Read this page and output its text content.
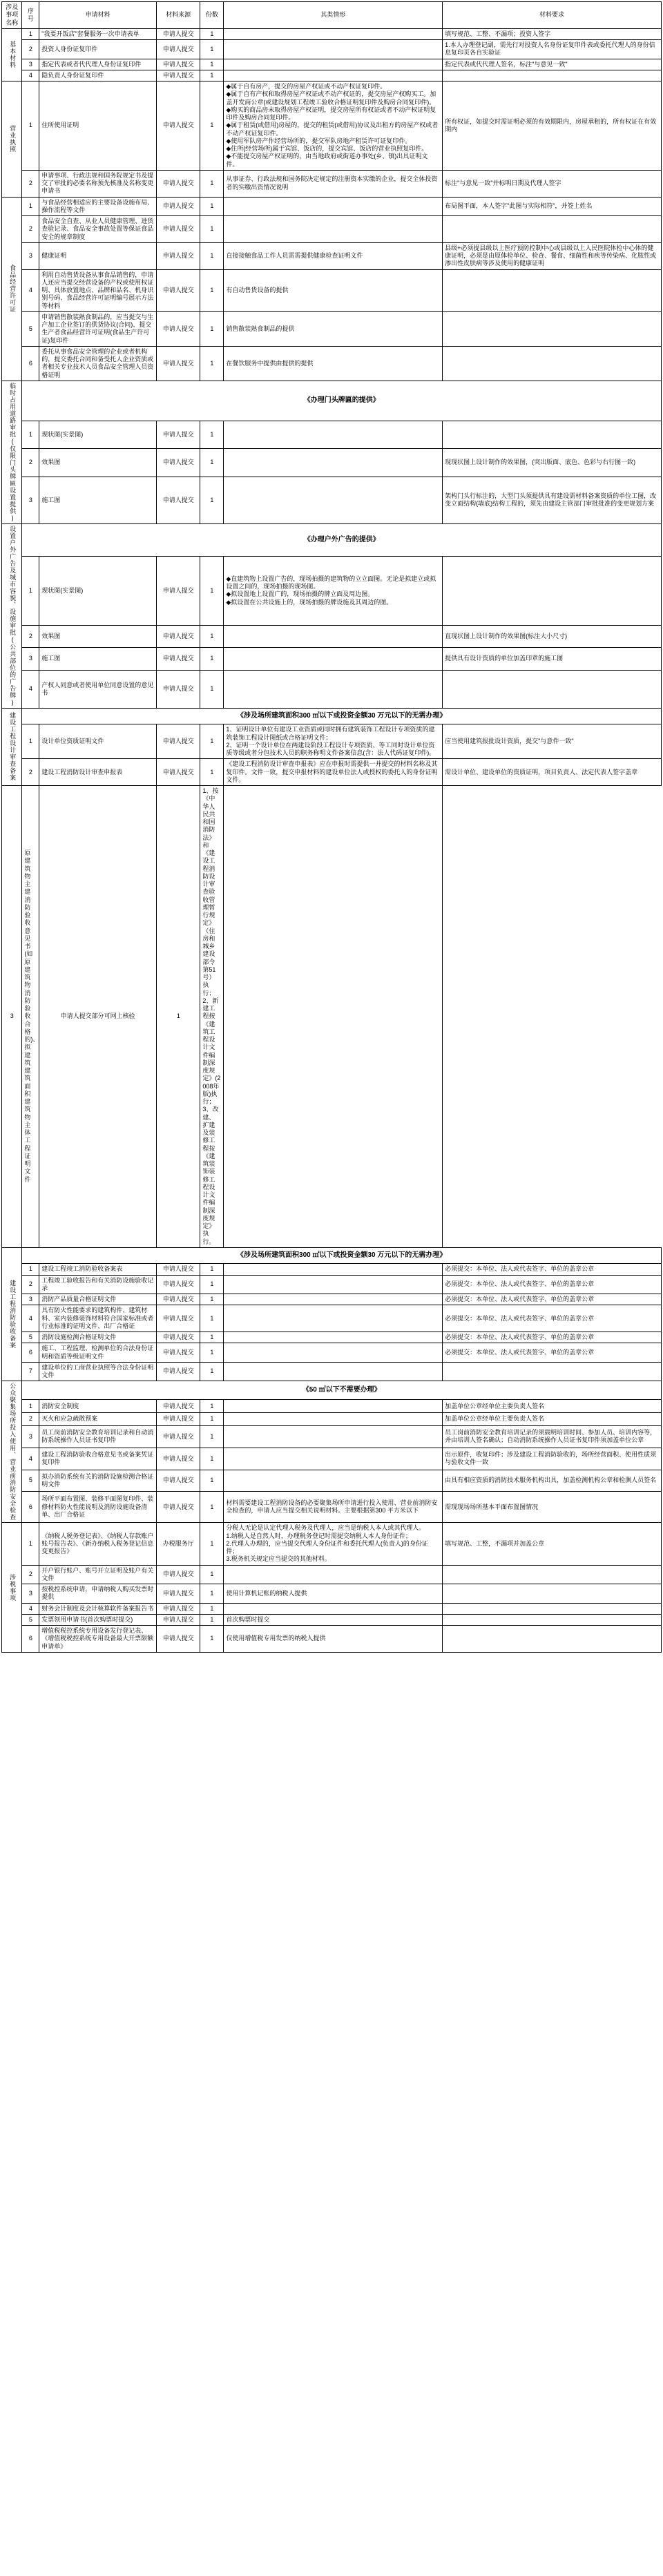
涉及事项名称	序号	申请材料	材料来源	份数	其类情形	材料要求

基本材料	1	"我要开饭店"套餐服务一次申请表单	申请人提交	1		填写规范、工整、不漏项；投资人签字
	2	投资人身份证复印件	申请人提交	1		1.本人办理登记副，需先行对投资人名身份证复印件表或委托代理人的身份信息复印页各自实验证
	3	指定代表或者代代理人身份证复印件	申请人提交	1		指定代表或代代理人签名，标注"与意见一致"
	4	隐负责人身份证复印件	申请人提交	1		

营业执照	1	住所使用证明	申请人提交	1	◆属于自有房产，提交的房屋产权证或不动产权证复印件。
◆属于自有产权和取得房屋产权证或不动产权证的，提交房屋产权购买工。加盖开发商公章(或建设规划工程竣工验收合格证明复印件及购房合同复印件)。
◆购买的商品房未取得房屋产权证明，提交房屋所有权证或者不动产权证明复印件及购房合同复印件。
◆属于租赁(或借用)房屋的，提交的租赁(或借用)协议及出租方的房屋产权或者不动产权证复印件。
◆使用军队房产作经营场所的，提交军队房地产租赁许可证复印件。
◆住所(经营场所)属于宾馆、饭店的，提交宾馆、饭店的营业执照复印件。
◆不能提交房屋产权证明的，由当地政府或街道办事处(乡、镇)出具证明文件。	所有权证，如提交时需证明必须的有效期限内，房屋承租的，所有权证在有效期内
	2	申请事项、行政法规和国务院规定书及提交了审批的必要名称预先核准及名称变更申请书	申请人提交	1	从事证券、行政法规和国务院决定规定的注册资本实缴的企业，提交全体投资者的实缴出资情况说明	标注"与意见一致"并标明日期及代理人签字

食品经营许可证	1	与食品经营相适应的主要设备设施布局、操作流程等文件	申请人提交	1		布局图平面，本人签字"此图与实际相符"，并签上姓名
	2	食品安全自查、从业人员健康管理、进货查验记录、食品安全事故处置等保证食品安全的规章制度	申请人提交	1		
	3	健康证明	申请人提交	1	直接接触食品工作人员需需提供健康检查证明文件	县级+必须提县级以上医疗预防控制中心或县级以上人民医院体检中心体的健康证明，必须是由原体检单位、检查、餐食、细菌性和疾等传染病、化脓性或渗出性皮肤病等涉及使用的健康证明
	4	利用自动售货设备从事食品销售的，申请人还应当提交经营设备的产权或使用权证明、具体放置地点、品牌和品名、机身识别号码、食品经营许可证明编号展示方法等材料	申请人提交	1	有自动售货设备的提供	
	5	申请销售散装熟食制品的，应当提交与生产加工企业签订的供货协议(合同)、提交生产者食品经营许可证明(食品生产许可证)复印件	申请人提交	1	销售散装熟食制品的提供	
	6	委托从事食品安全管理的企业或者机构的，提交委托合同和备受托人企业资质或者相关专业技术人员食品安全管理人员资格证明	申请人提交	1	在餐饮服务中提供由提供的提供	

临时占用道路审批(仅限门头牌匾设置提供)	《办理门头牌匾的提供》					
	1	现状图(实景图)	申请人提交	1		
	2	效果图	申请人提交	1		现现状图上设计制作的效果图，(突出版面、底色、色彩与右行图一致)
	3	施工图	申请人提交	1		架构门头行标注的，大型门头须提供具有建设需材料备案资质的单位工图，改变立面结构(墙底)结构工程的，须先由建设主管部门审批批准的变更规划方案

设置户外广告及城市容貌、设施审批(公共部位的广告牌)	《办理户外广告的提供》					
	1	现状图(实景图)	申请人提交	1	◆直建筑物上设置广告的，现场拍摄的建筑物的立立面图。无论是拟建立或拟设置之间的，现场拍摄的现场图。
◆拟设置地上设置广的，现场拍摄的牌立面及周边图。
◆拟设置在公共设施上的，现场拍摄的牌设施及其周边的图。	
	2	效果图	申请人提交	1		直现状图上设计制作的效果图(标注大小尺寸)
	3	施工图	申请人提交	1		提供具有设计资质的单位加盖印章的施工图
	4	产权人同意或者使用单位同意设置的意见书	申请人提交	1		

建设工程设计审查备案	《涉及场所建筑面积300 ㎡以下或投资金额30 万元以下的无需办理》					
	1	设计单位资质证明文件	申请人提交	1	1、证明设计单位有建设工业资质或同时拥有建筑装饰工程设计专项资质的建筑装饰工程设计图纸或合格证明文件；
2、证明一个设计单位在两建设阶段工程设计专项资质、等工同时设计单位资质等级或者分包技术人员的职务称明文件备案信息(含：法人代码证复印件)。	应当使用建筑报批设计资质，提交"与意件一致"
	2	建设工程消防设计审查申报表	申请人提交	1	《建设工程消防设计审查申报表》应在申报时需提供一并提交的材料名称及其复印件。文件一致，提交申报材料的建设单位法人或授权的委托人的身份证明文件。	需设计单位、建设单位的资质证明，项目负责人、法定代表人签字盖章
3	原建筑物主建消防验收意见书(如原建筑物消防验收合格的)、拟建筑建筑面积建筑物主体工程证明文件	申请人提交部分可网上核验	1	1、按《中华人民共和国消防法》和《建设工程消防设计审查验收管理暂行规定》（住房和城乡建设部令第51号）执行；
2、新建工程按《建筑工程设计文件编制深度规定》(2008年版)执行；
3、改建、扩建及装修工程按《建筑装饰装修工程设计文件编制深度规定》执行。		

建设工程消防验收备案	《涉及场所建筑面积300 ㎡以下或投资金额30 万元以下的无需办理》					
	1	建设工程竣工消防验收备案表	申请人提交	1		必须提交：本单位、法人或代表签字、单位的盖章公章
	2	工程竣工验收报告和有关消防设施验收记录	申请人提交	1		必须提交：本单位、法人或代表签字、单位的盖章公章
	3	消防产品质量合格证明文件	申请人提交	1		必须提交：本单位、法人或代表签字、单位的盖章公章
	4	具有防火性能要求的建筑构件、建筑材料、室内装修装饰材料符合国家标准或者行业标准的证明文件、出厂合格证	申请人提交	1		必须提交：本单位、法人或代表签字、单位的盖章公章
	5	消防设施检测合格证明文件	申请人提交	1		必须提交：本单位、法人或代表签字、单位的盖章公章
	6	施工、工程监理、检测单位的合法身份证明和资质等级证明文件	申请人提交	1		必须提交：本单位、法人或代表签字、单位的盖章公章
	7	建设单位的工商营业执照等合法身份证明文件	申请人提交	1		

公众聚集场所投入使用、营业前消防安全检查	《50 ㎡以下不需要办理》					
	1	消防安全制度	申请人提交	1		加盖单位公章经单位主要负责人签名
	2	灭火和应急疏散预案	申请人提交	1		加盖单位公章经单位主要负责人签名
	3	员工岗前消防安全教育培训记录和自动消防系统操作人员证书复印件	申请人提交	1		员工岗前消防安全教育培训记录的须载明培训时间、参加人员、培训内容等，并由培训人签名确认；自动消防系统操作人员证书复印件须加盖单位公章
	4	建设工程消防验收合格意见书或备案凭证复印件	申请人提交	1		出示原件，收复印件；涉及建设工程消防验收的，场所经营面积、使用性质须与验收文件一致
	5	拟办消防系统有关的消防设施检测合格证明文件	申请人提交	1		由具有相应资质的消防技术服务机构出具，加盖检测机构公章和检测人员签名
	6	场所平面布置图、装修平面图复印件、装修材料防火性能说明及消防设施设备清单、出厂合格证	申请人提交	1	材料需要建设工程消防设备的必要聚集场所申请进行投入使用、营业前消防安全检查的，申请人应当提交相关说明材料。主要根据第300 平方米以下	需现现场场所基本平面布置图情况

涉税事项	1	《纳税人税务登记表》、《纳税人存款账户账号报告表》、《新办纳税人税务登记信息变更报告》	办税服务厅	1	分税人无论是认定代理人税务及代理人，应当是纳税人本人或其代理人。
1.纳税人是自然人时，办理税务登记时需提交纳税人本人身份证件；
2.代理人办理的，应当提交代理人身份证件和委托代理人(负责人)的身份证件；
3.税务机关规定应当提交的其他材料。	填写规范、工整，不漏项并加盖公章
	2	开户银行账户、账号开立证明及账户有关文件	申请人提交	1		
	3	按税控系统申请，申请纳税人购买发票时提供	申请人提交	1	使用计算机记账的纳税人提供	
	4	财务会计制度及会计核算软件备案报告书	申请人提交	1		
	5	发票领用申请书(首次购票时提交)	申请人提交	1	首次购票时提交	
	6	增值税税控系统专用设备发行登记表、《增值税税控系统专用设备最大开票限额申请单》	申请人提交	1	仅使用增值税专用发票的纳税人提供	
